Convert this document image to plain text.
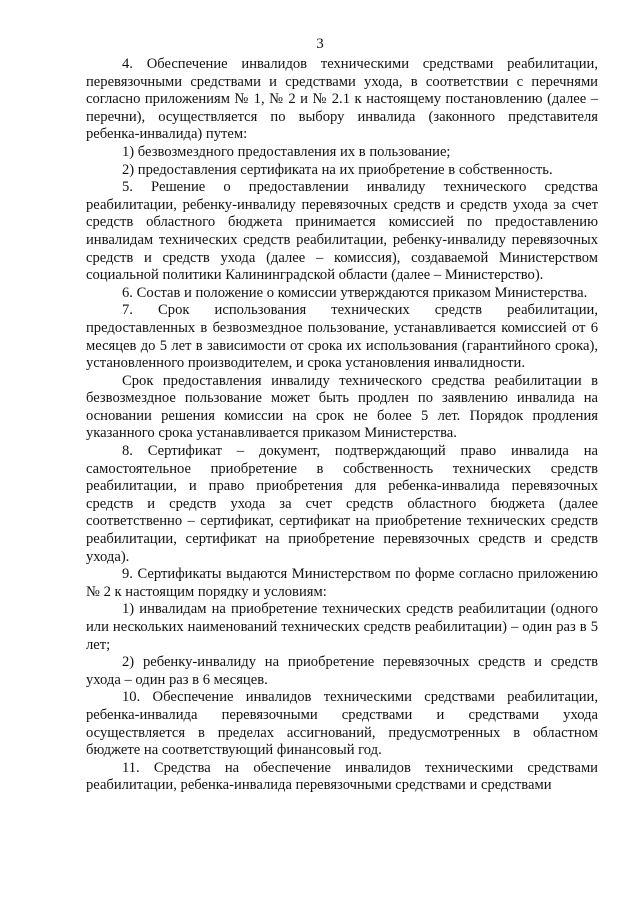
3

4. Обеспечение инвалидов техническими средствами реабилитации, перевязочными средствами и средствами ухода, в соответствии с перечнями согласно приложениям № 1, № 2 и № 2.1 к настоящему постановлению (далее – перечни), осуществляется по выбору инвалида (законного представителя ребенка-инвалида) путем:

1) безвозмездного предоставления их в пользование;

2) предоставления сертификата на их приобретение в собственность.

5. Решение о предоставлении инвалиду технического средства реабилитации, ребенку-инвалиду перевязочных средств и средств ухода за счет средств областного бюджета принимается комиссией по предоставлению инвалидам технических средств реабилитации, ребенку-инвалиду перевязочных средств и средств ухода (далее – комиссия), создаваемой Министерством социальной политики Калининградской области (далее – Министерство).

6. Состав и положение о комиссии утверждаются приказом Министерства.

7. Срок использования технических средств реабилитации, предоставленных в безвозмездное пользование, устанавливается комиссией от 6 месяцев до 5 лет в зависимости от срока их использования (гарантийного срока), установленного производителем, и срока установления инвалидности.

Срок предоставления инвалиду технического средства реабилитации в безвозмездное пользование может быть продлен по заявлению инвалида на основании решения комиссии на срок не более 5 лет. Порядок продления указанного срока устанавливается приказом Министерства.

8. Сертификат – документ, подтверждающий право инвалида на самостоятельное приобретение в собственность технических средств реабилитации, и право приобретения для ребенка-инвалида перевязочных средств и средств ухода за счет средств областного бюджета (далее соответственно – сертификат, сертификат на приобретение технических средств реабилитации, сертификат на приобретение перевязочных средств и средств ухода).

9. Сертификаты выдаются Министерством по форме согласно приложению № 2 к настоящим порядку и условиям:

1) инвалидам на приобретение технических средств реабилитации (одного или нескольких наименований технических средств реабилитации) – один раз в 5 лет;

2) ребенку-инвалиду на приобретение перевязочных средств и средств ухода – один раз в 6 месяцев.

10. Обеспечение инвалидов техническими средствами реабилитации, ребенка-инвалида перевязочными средствами и средствами ухода осуществляется в пределах ассигнований, предусмотренных в областном бюджете на соответствующий финансовый год.

11. Средства на обеспечение инвалидов техническими средствами реабилитации, ребенка-инвалида перевязочными средствами и средствами
